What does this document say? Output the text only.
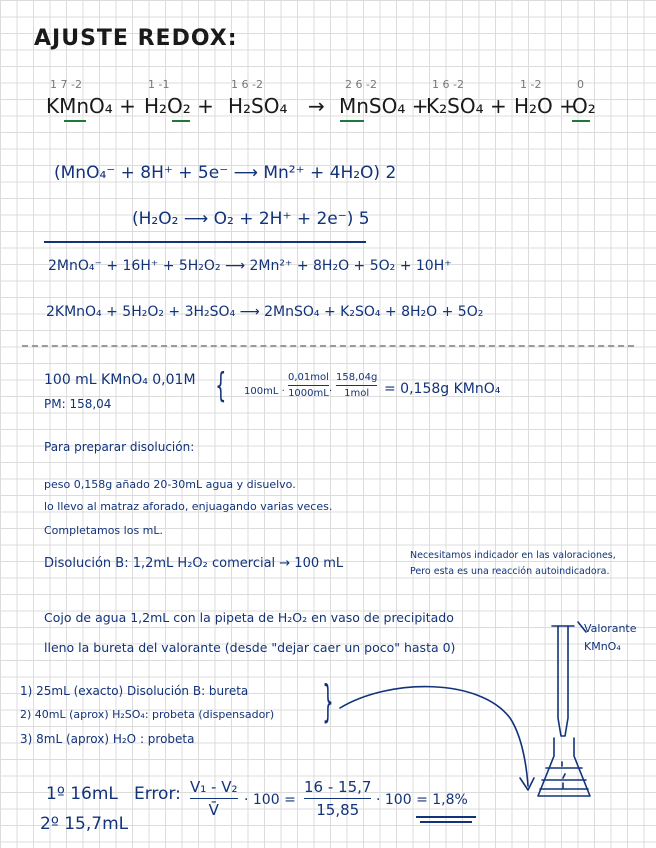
AJUSTE REDOX:
1 7 -2	1 -1	1 6 -2	2 6 -2	1 6 -2	1 -2	0
KMnO₄ + H₂O₂ + H₂SO₄ → MnSO₄ +
K₂SO₄ + H₂O +
O₂
(MnO₄⁻ + 8H⁺ + 5e⁻ ⟶ Mn²⁺ + 4H₂O) 2
(H₂O₂ ⟶ O₂ + 2H⁺ + 2e⁻) 5
2MnO₄⁻ + 16H⁺ + 5H₂O₂ ⟶ 2Mn²⁺ + 8H₂O + 5O₂ + 10H⁺
2KMnO₄ + 5H₂O₂ + 3H₂SO₄ ⟶ 2MnSO₄ + K₂SO₄ + 8H₂O + 5O₂
100 mL KMnO₄ 0,01M
PM: 158,04	{ 100mL ·
0,01mol
1000mL ·
158,04g
1mol = 0,158g KMnO₄
Para preparar disolución:
peso 0,158g añado 20-30mL agua y disuelvo.
lo llevo al matraz aforado, enjuagando varias veces.
Completamos los mL.
Disolución B: 1,2mL H₂O₂ comercial → 100 mL
Necesitamos indicador en las valoraciones,
Pero esta es una reacción autoindicadora.
Cojo de agua 1,2mL con la pipeta de H₂O₂ en vaso de precipitado
lleno la bureta del valorante (desde "dejar caer un poco" hasta 0)
Valorante
KMnO₄
1) 25mL (exacto) Disolución B: bureta
2) 40mL (aprox) H₂SO₄: probeta (dispensador)
3) 8mL (aprox) H₂O : probeta
}
1º 16mL
2º 15,7mL
Error: V₁ - V₂
V̄
· 100 =
16 - 15,7
15,85
· 100 = 1,8%
